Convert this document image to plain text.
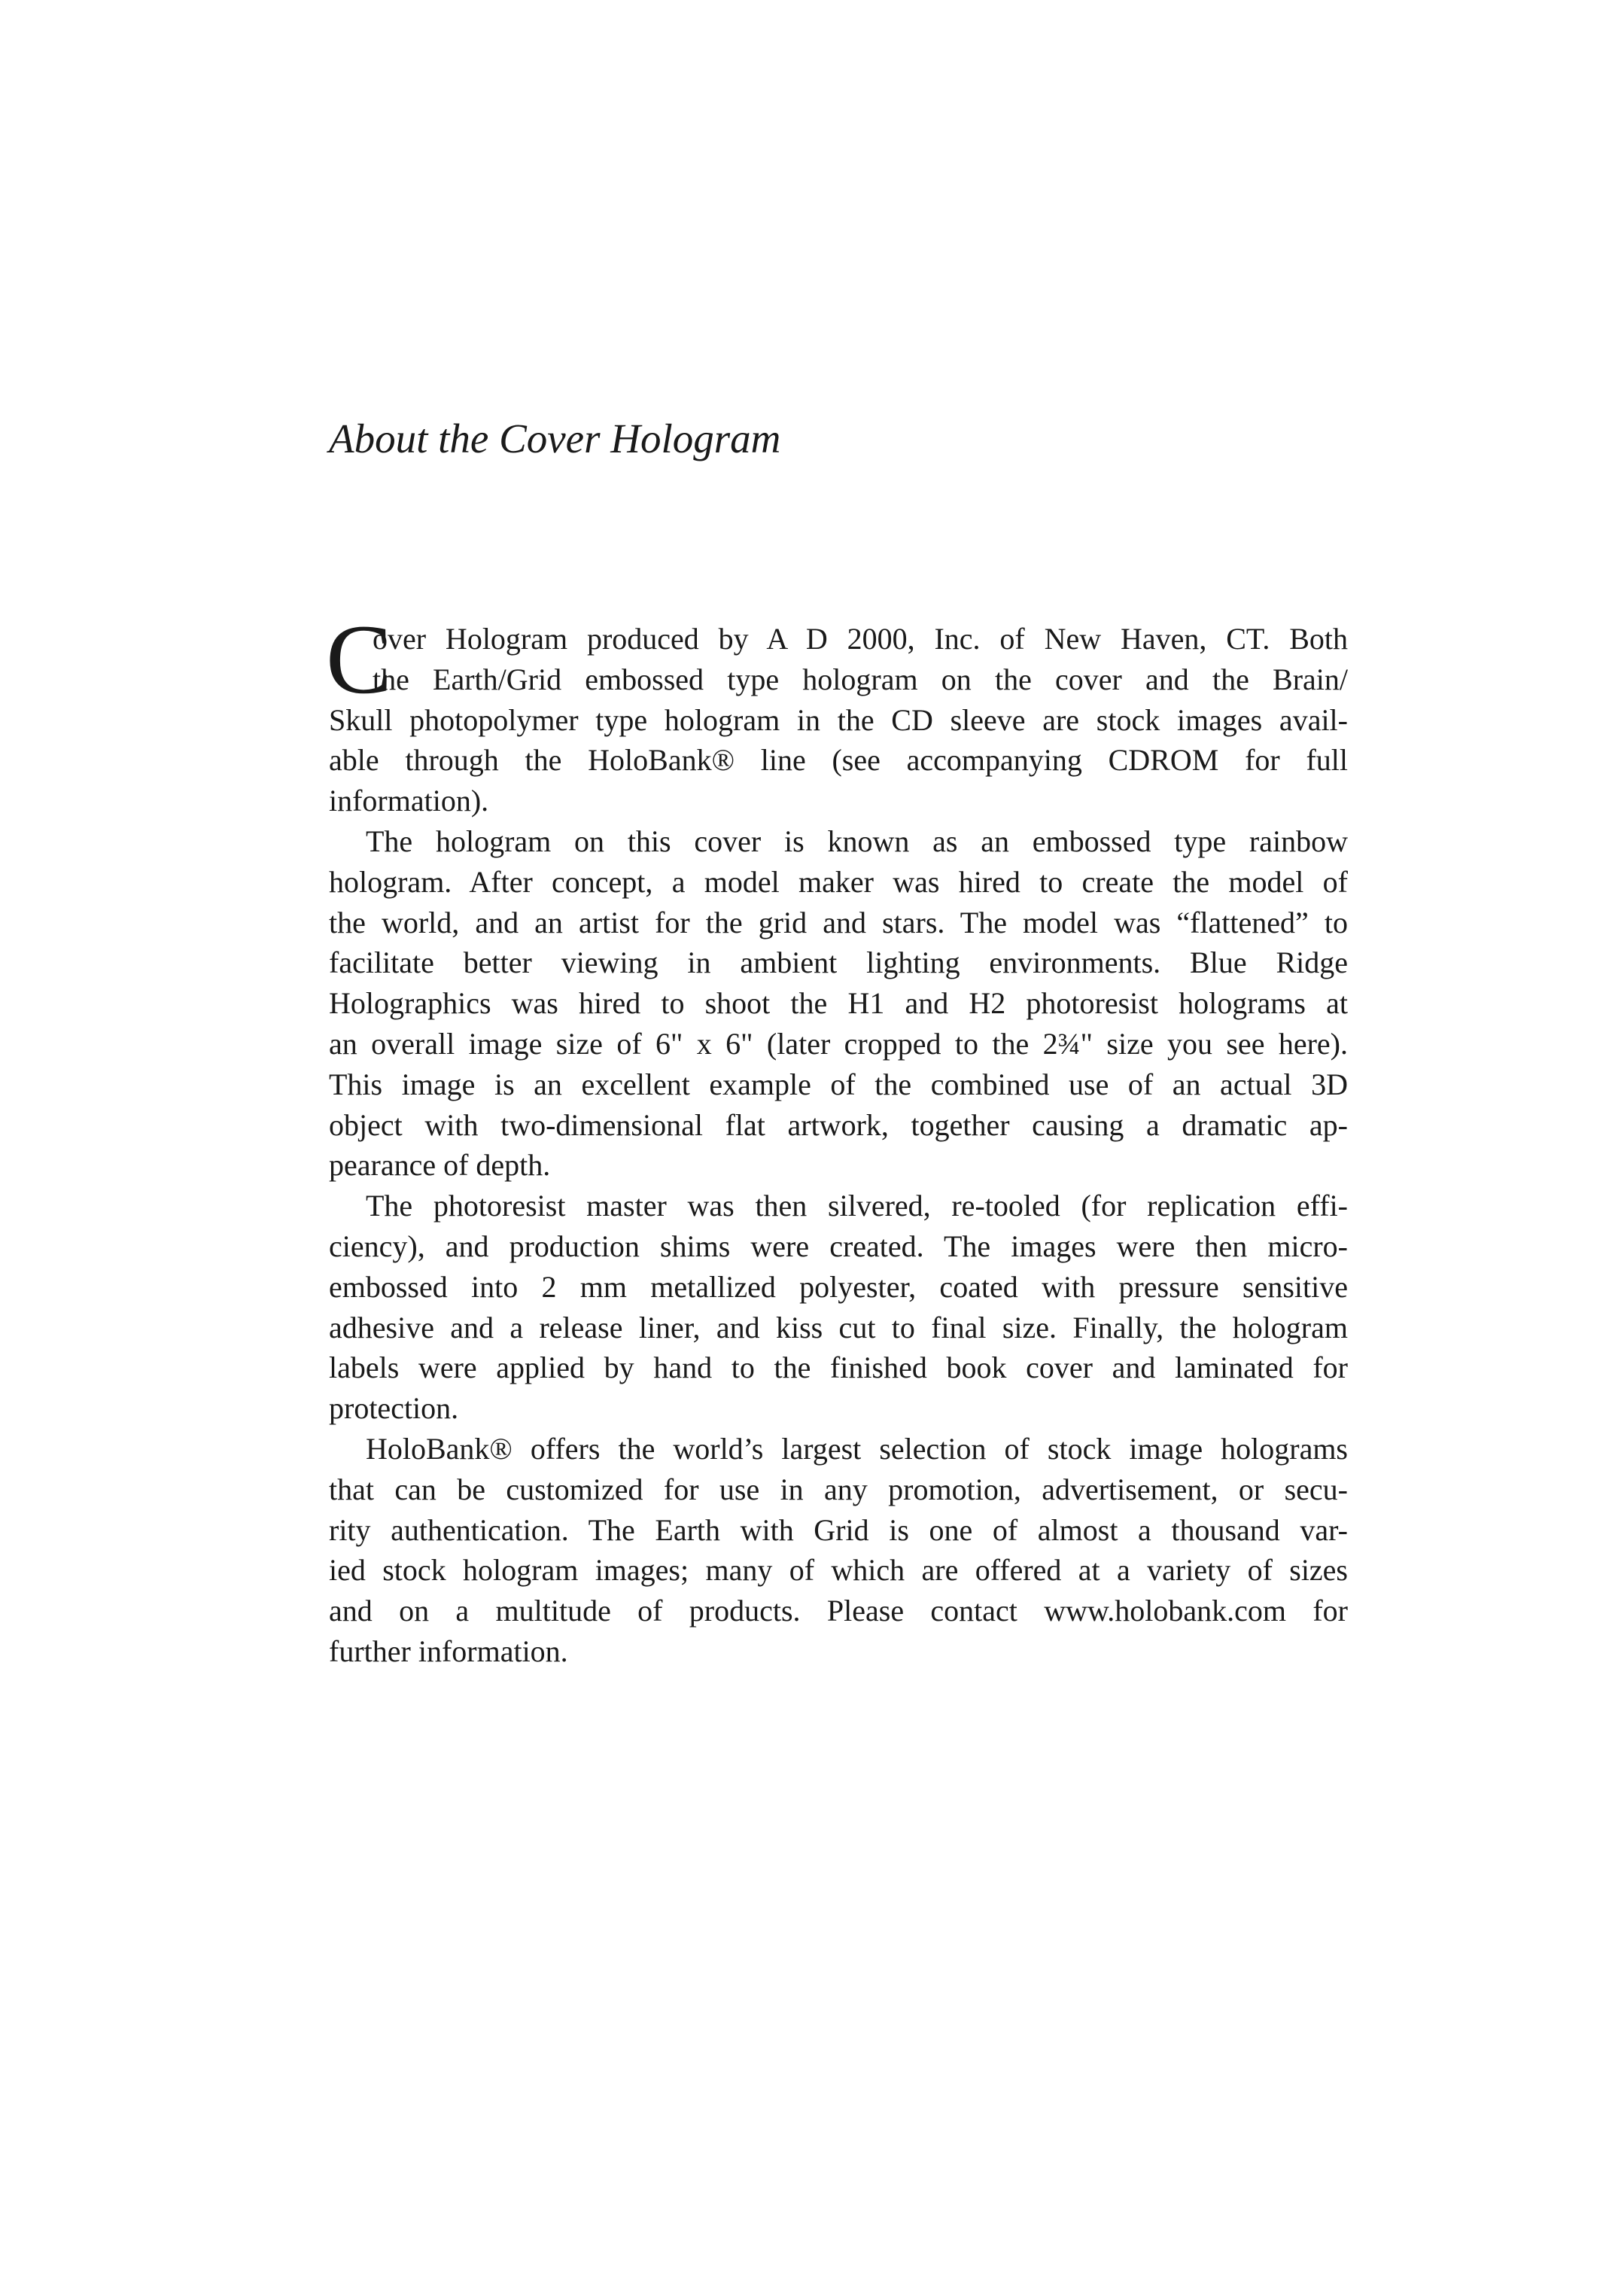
About the Cover Hologram
C
over Hologram produced by A D 2000, Inc. of New Haven, CT. Both
the Earth/Grid embossed type hologram on the cover and the Brain/
Skull photopolymer type hologram in the CD sleeve are stock images avail-
able through the HoloBank® line (see accompanying CDROM for full
information).
The hologram on this cover is known as an embossed type rainbow
hologram. After concept, a model maker was hired to create the model of
the world, and an artist for the grid and stars. The model was “flattened” to
facilitate better viewing in ambient lighting environments. Blue Ridge
Holographics was hired to shoot the H1 and H2 photoresist holograms at
an overall image size of 6" x 6" (later cropped to the 2¾" size you see here).
This image is an excellent example of the combined use of an actual 3D
object with two-dimensional flat artwork, together causing a dramatic ap-
pearance of depth.
The photoresist master was then silvered, re-tooled (for replication effi-
ciency), and production shims were created. The images were then micro-
embossed into 2 mm metallized polyester, coated with pressure sensitive
adhesive and a release liner, and kiss cut to final size. Finally, the hologram
labels were applied by hand to the finished book cover and laminated for
protection.
HoloBank® offers the world’s largest selection of stock image holograms
that can be customized for use in any promotion, advertisement, or secu-
rity authentication. The Earth with Grid is one of almost a thousand var-
ied stock hologram images; many of which are offered at a variety of sizes
and on a multitude of products. Please contact www.holobank.com for
further information.
